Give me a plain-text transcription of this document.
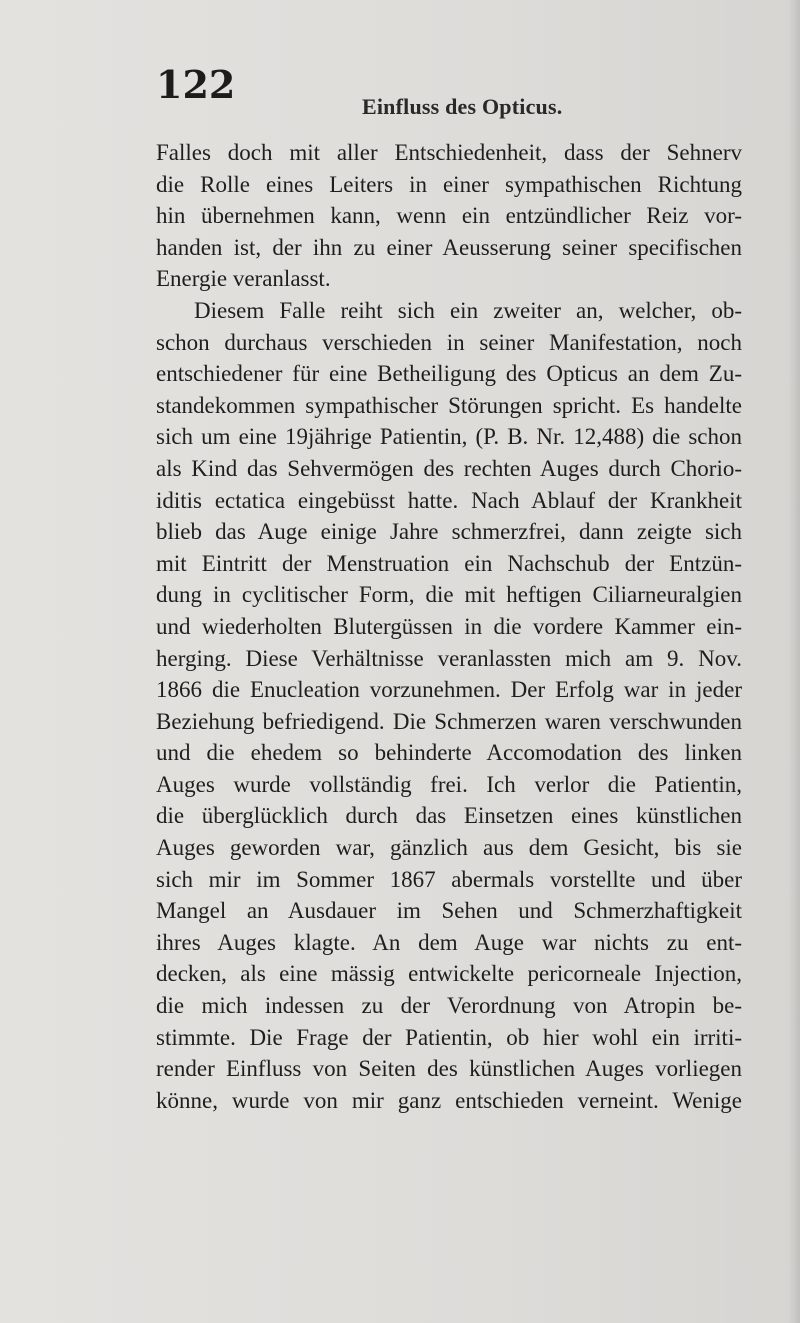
122	Einfluss des Opticus.
Falles doch mit aller Entschiedenheit, dass der Sehnerv
die Rolle eines Leiters in einer sympathischen Richtung
hin übernehmen kann, wenn ein entzündlicher Reiz vor-
handen ist, der ihn zu einer Aeusserung seiner specifischen
Energie veranlasst.
Diesem Falle reiht sich ein zweiter an, welcher, ob-
schon durchaus verschieden in seiner Manifestation, noch
entschiedener für eine Betheiligung des Opticus an dem Zu-
standekommen sympathischer Störungen spricht. Es handelte
sich um eine 19jährige Patientin, (P. B. Nr. 12,488) die schon
als Kind das Sehvermögen des rechten Auges durch Chorio-
iditis ectatica eingebüsst hatte. Nach Ablauf der Krankheit
blieb das Auge einige Jahre schmerzfrei, dann zeigte sich
mit Eintritt der Menstruation ein Nachschub der Entzün-
dung in cyclitischer Form, die mit heftigen Ciliarneuralgien
und wiederholten Blutergüssen in die vordere Kammer ein-
herging. Diese Verhältnisse veranlassten mich am 9. Nov.
1866 die Enucleation vorzunehmen. Der Erfolg war in jeder
Beziehung befriedigend. Die Schmerzen waren verschwunden
und die ehedem so behinderte Accomodation des linken
Auges wurde vollständig frei. Ich verlor die Patientin,
die überglücklich durch das Einsetzen eines künstlichen
Auges geworden war, gänzlich aus dem Gesicht, bis sie
sich mir im Sommer 1867 abermals vorstellte und über
Mangel an Ausdauer im Sehen und Schmerzhaftigkeit
ihres Auges klagte. An dem Auge war nichts zu ent-
decken, als eine mässig entwickelte pericorneale Injection,
die mich indessen zu der Verordnung von Atropin be-
stimmte. Die Frage der Patientin, ob hier wohl ein irriti-
render Einfluss von Seiten des künstlichen Auges vorliegen
könne, wurde von mir ganz entschieden verneint. Wenige
